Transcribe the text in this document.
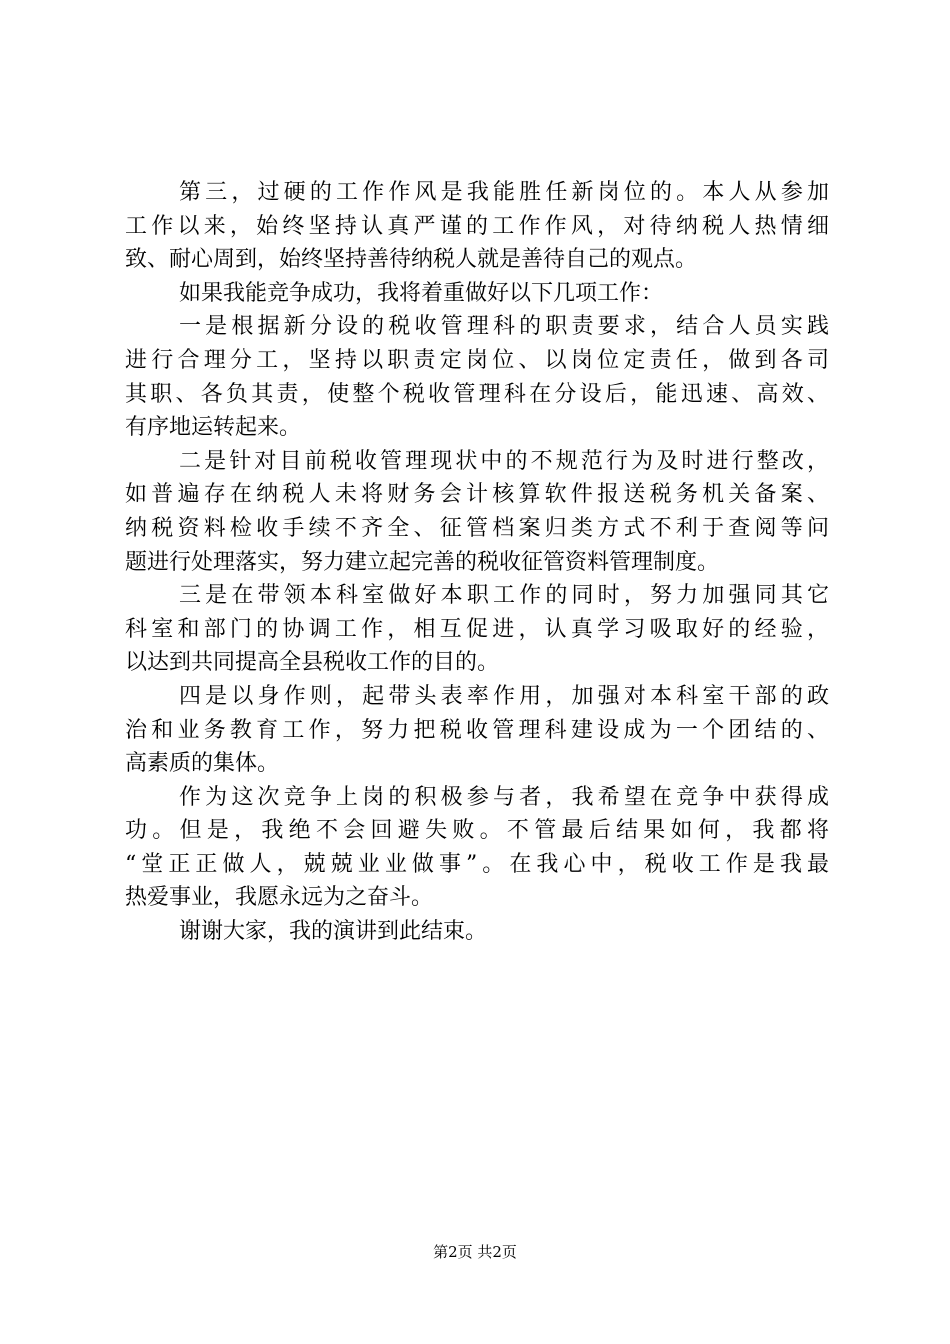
第三，过硬的工作作风是我能胜任新岗位的。本人从参加
工作以来，始终坚持认真严谨的工作作风，对待纳税人热情细
致、耐心周到，始终坚持善待纳税人就是善待自己的观点。
如果我能竞争成功，我将着重做好以下几项工作：
一是根据新分设的税收管理科的职责要求，结合人员实践
进行合理分工，坚持以职责定岗位、以岗位定责任，做到各司
其职、各负其责，使整个税收管理科在分设后，能迅速、高效、
有序地运转起来。
二是针对目前税收管理现状中的不规范行为及时进行整改，
如普遍存在纳税人未将财务会计核算软件报送税务机关备案、
纳税资料检收手续不齐全、征管档案归类方式不利于查阅等问
题进行处理落实，努力建立起完善的税收征管资料管理制度。
三是在带领本科室做好本职工作的同时，努力加强同其它
科室和部门的协调工作，相互促进，认真学习吸取好的经验，
以达到共同提高全县税收工作的目的。
四是以身作则，起带头表率作用，加强对本科室干部的政
治和业务教育工作，努力把税收管理科建设成为一个团结的、
高素质的集体。
作为这次竞争上岗的积极参与者，我希望在竞争中获得成
功。但是，我绝不会回避失败。不管最后结果如何，我都将
“堂正正做人，兢兢业业做事”。在我心中，税收工作是我最
热爱事业，我愿永远为之奋斗。
谢谢大家，我的演讲到此结束。
第2页 共2页
